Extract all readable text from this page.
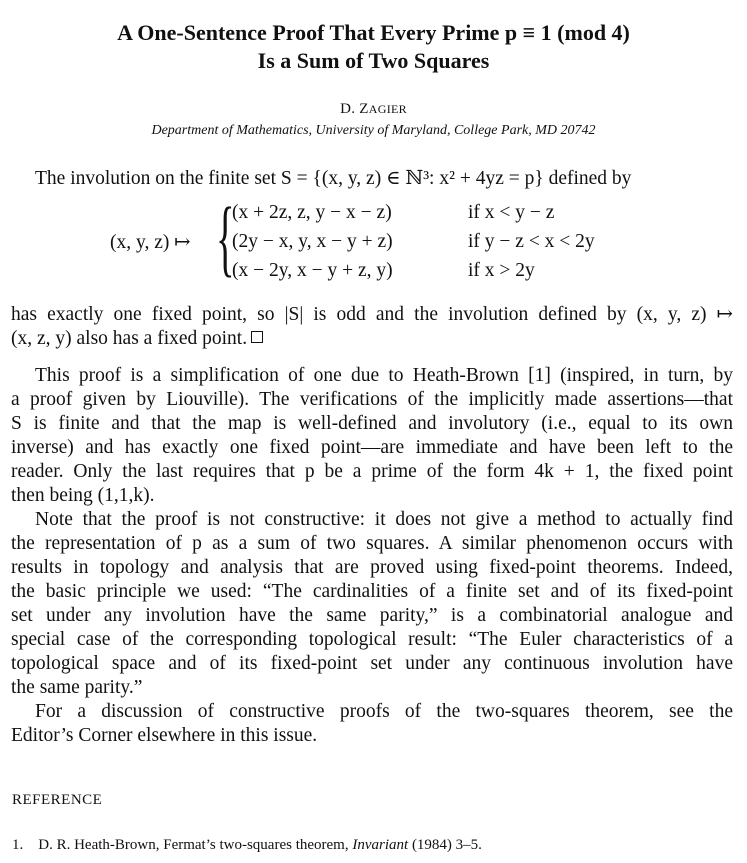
A One-Sentence Proof That Every Prime p ≡ 1 (mod 4)
Is a Sum of Two Squares
D. ZAGIER
Department of Mathematics, University of Maryland, College Park, MD 20742
The involution on the finite set S = {(x, y, z) ∈ ℕ³: x² + 4yz = p} defined by
(x, y, z) ↦ {
(x + 2z, z, y − x − z)	if x < y − z
(2y − x, y, x − y + z)	if y − z < x < 2y
(x − 2y, x − y + z, y)	if x > 2y
has exactly one fixed point, so |S| is odd and the involution defined by (x, y, z) ↦
(x, z, y) also has a fixed point.
This proof is a simplification of one due to Heath-Brown [1] (inspired, in turn, by
a proof given by Liouville). The verifications of the implicitly made assertions—that
S is finite and that the map is well-defined and involutory (i.e., equal to its own
inverse) and has exactly one fixed point—are immediate and have been left to the
reader. Only the last requires that p be a prime of the form 4k + 1, the fixed point
then being (1,1,k).
Note that the proof is not constructive: it does not give a method to actually find
the representation of p as a sum of two squares. A similar phenomenon occurs with
results in topology and analysis that are proved using fixed-point theorems. Indeed,
the basic principle we used: “The cardinalities of a finite set and of its fixed-point
set under any involution have the same parity,” is a combinatorial analogue and
special case of the corresponding topological result: “The Euler characteristics of a
topological space and of its fixed-point set under any continuous involution have
the same parity.”
For a discussion of constructive proofs of the two-squares theorem, see the
Editor’s Corner elsewhere in this issue.
REFERENCE
1. D. R. Heath-Brown, Fermat’s two-squares theorem, Invariant (1984) 3–5.
